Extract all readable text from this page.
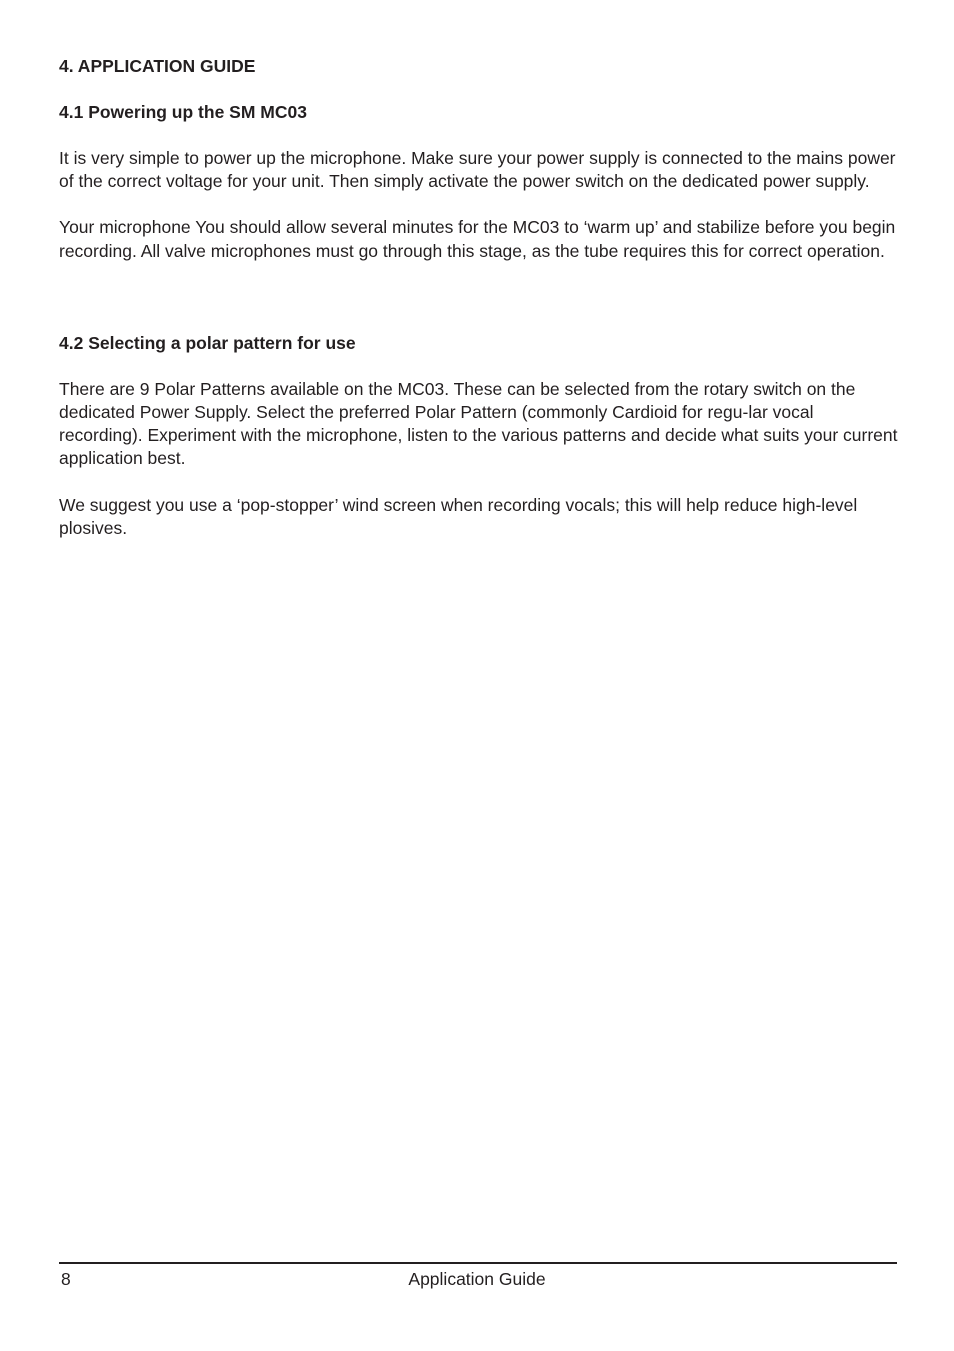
4. APPLICATION GUIDE
4.1 Powering up the SM MC03

It is very simple to power up the microphone. Make sure your power supply is connected to the mains power of the correct voltage for your unit. Then simply activate the power switch on the dedicated power supply.

Your microphone You should allow several minutes for the MC03 to ‘warm up’ and stabilize before you begin recording. All valve microphones must go through this stage, as the tube requires this for correct operation.

4.2 Selecting a polar pattern for use

There are 9 Polar Patterns available on the MC03. These can be selected from the rotary switch on the dedicated Power Supply. Select the preferred Polar Pattern (commonly Cardioid for regu-lar vocal recording). Experiment with the microphone, listen to the various patterns and decide what suits your current application best.

We suggest you use a ‘pop-stopper’ wind screen when recording vocals; this will help reduce high-level plosives.

8	Application Guide
